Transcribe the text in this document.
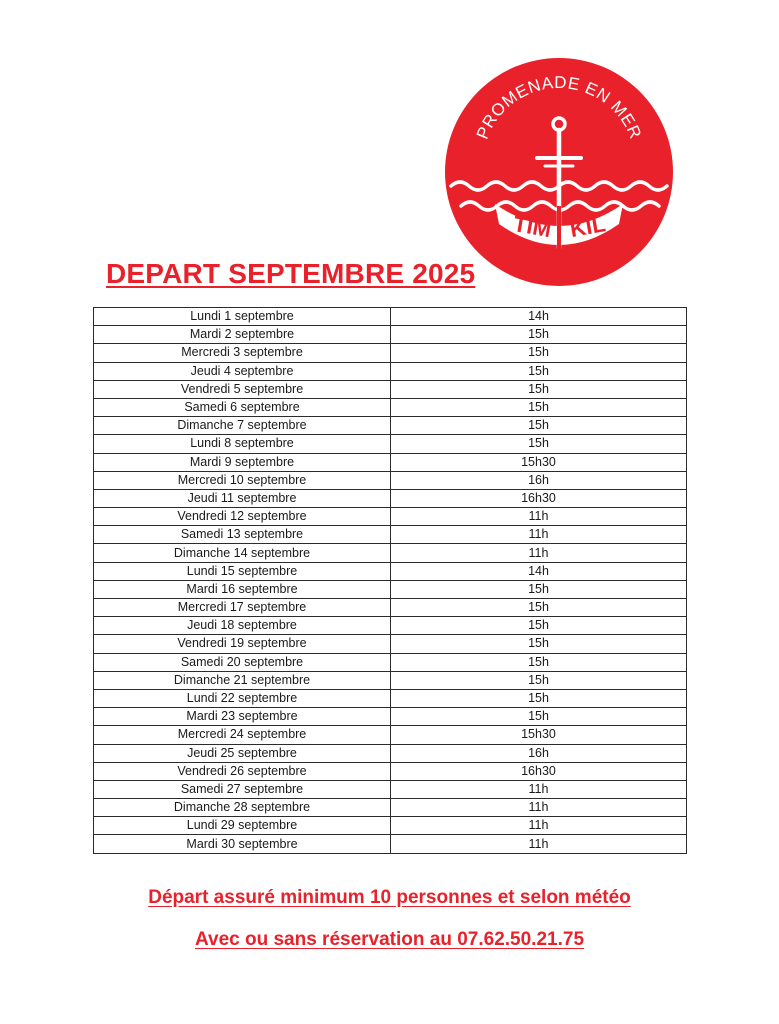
PROMENADE EN MER
TIM KIL
DEPART SEPTEMBRE 2025
Lundi 1 septembre	14h
Mardi 2 septembre	15h
Mercredi 3 septembre	15h
Jeudi 4 septembre	15h
Vendredi 5 septembre	15h
Samedi 6 septembre	15h
Dimanche 7 septembre	15h
Lundi 8 septembre	15h
Mardi 9 septembre	15h30
Mercredi 10 septembre	16h
Jeudi 11 septembre	16h30
Vendredi 12 septembre	11h
Samedi 13 septembre	11h
Dimanche 14 septembre	11h
Lundi 15 septembre	14h
Mardi 16 septembre	15h
Mercredi 17 septembre	15h
Jeudi 18 septembre	15h
Vendredi 19 septembre	15h
Samedi 20 septembre	15h
Dimanche 21 septembre	15h
Lundi 22 septembre	15h
Mardi 23 septembre	15h
Mercredi 24 septembre	15h30
Jeudi 25 septembre	16h
Vendredi 26 septembre	16h30
Samedi 27 septembre	11h
Dimanche 28 septembre	11h
Lundi 29 septembre	11h
Mardi 30 septembre	11h
Départ assuré minimum 10 personnes et selon météo
Avec ou sans réservation au 07.62.50.21.75
